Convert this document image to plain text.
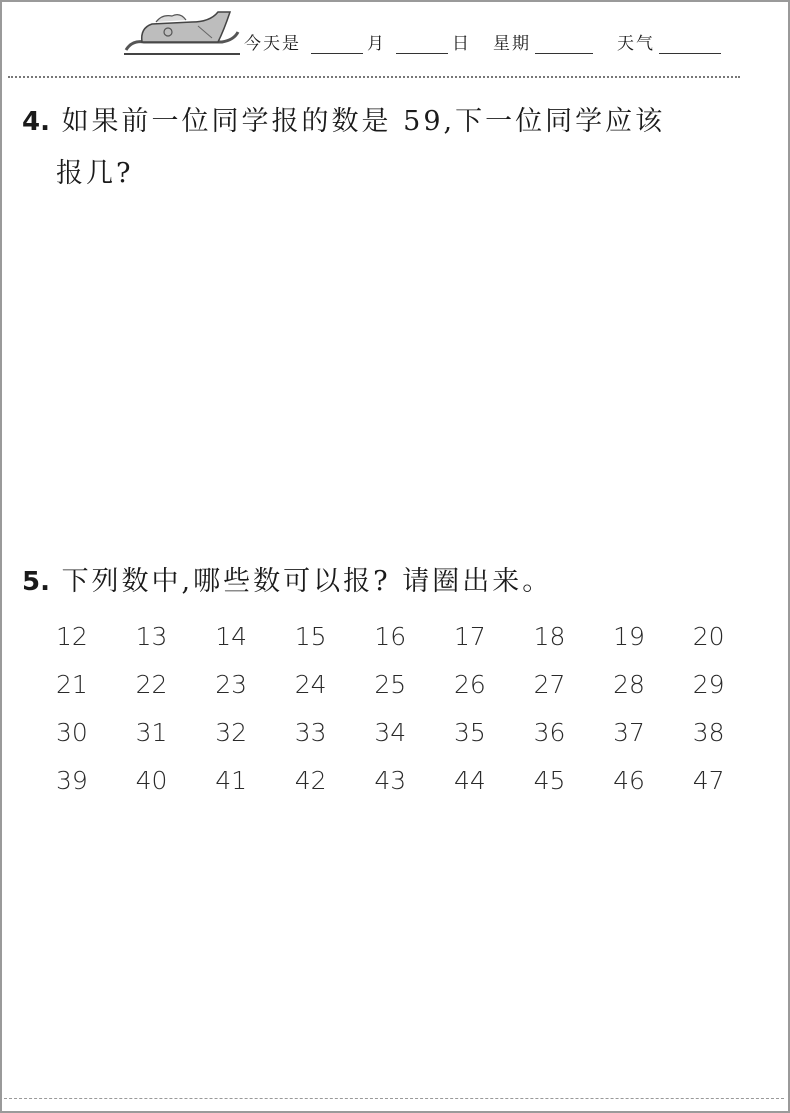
今天是	月	日 星期	天气
4. 如果前一位同学报的数是 59,下一位同学应该
报几?
5. 下列数中,哪些数可以报? 请圈出来。
12	13	14	15	16	17	18	19	20
21	22	23	24	25	26	27	28	29
30	31	32	33	34	35	36	37	38
39	40	41	42	43	44	45	46	47
